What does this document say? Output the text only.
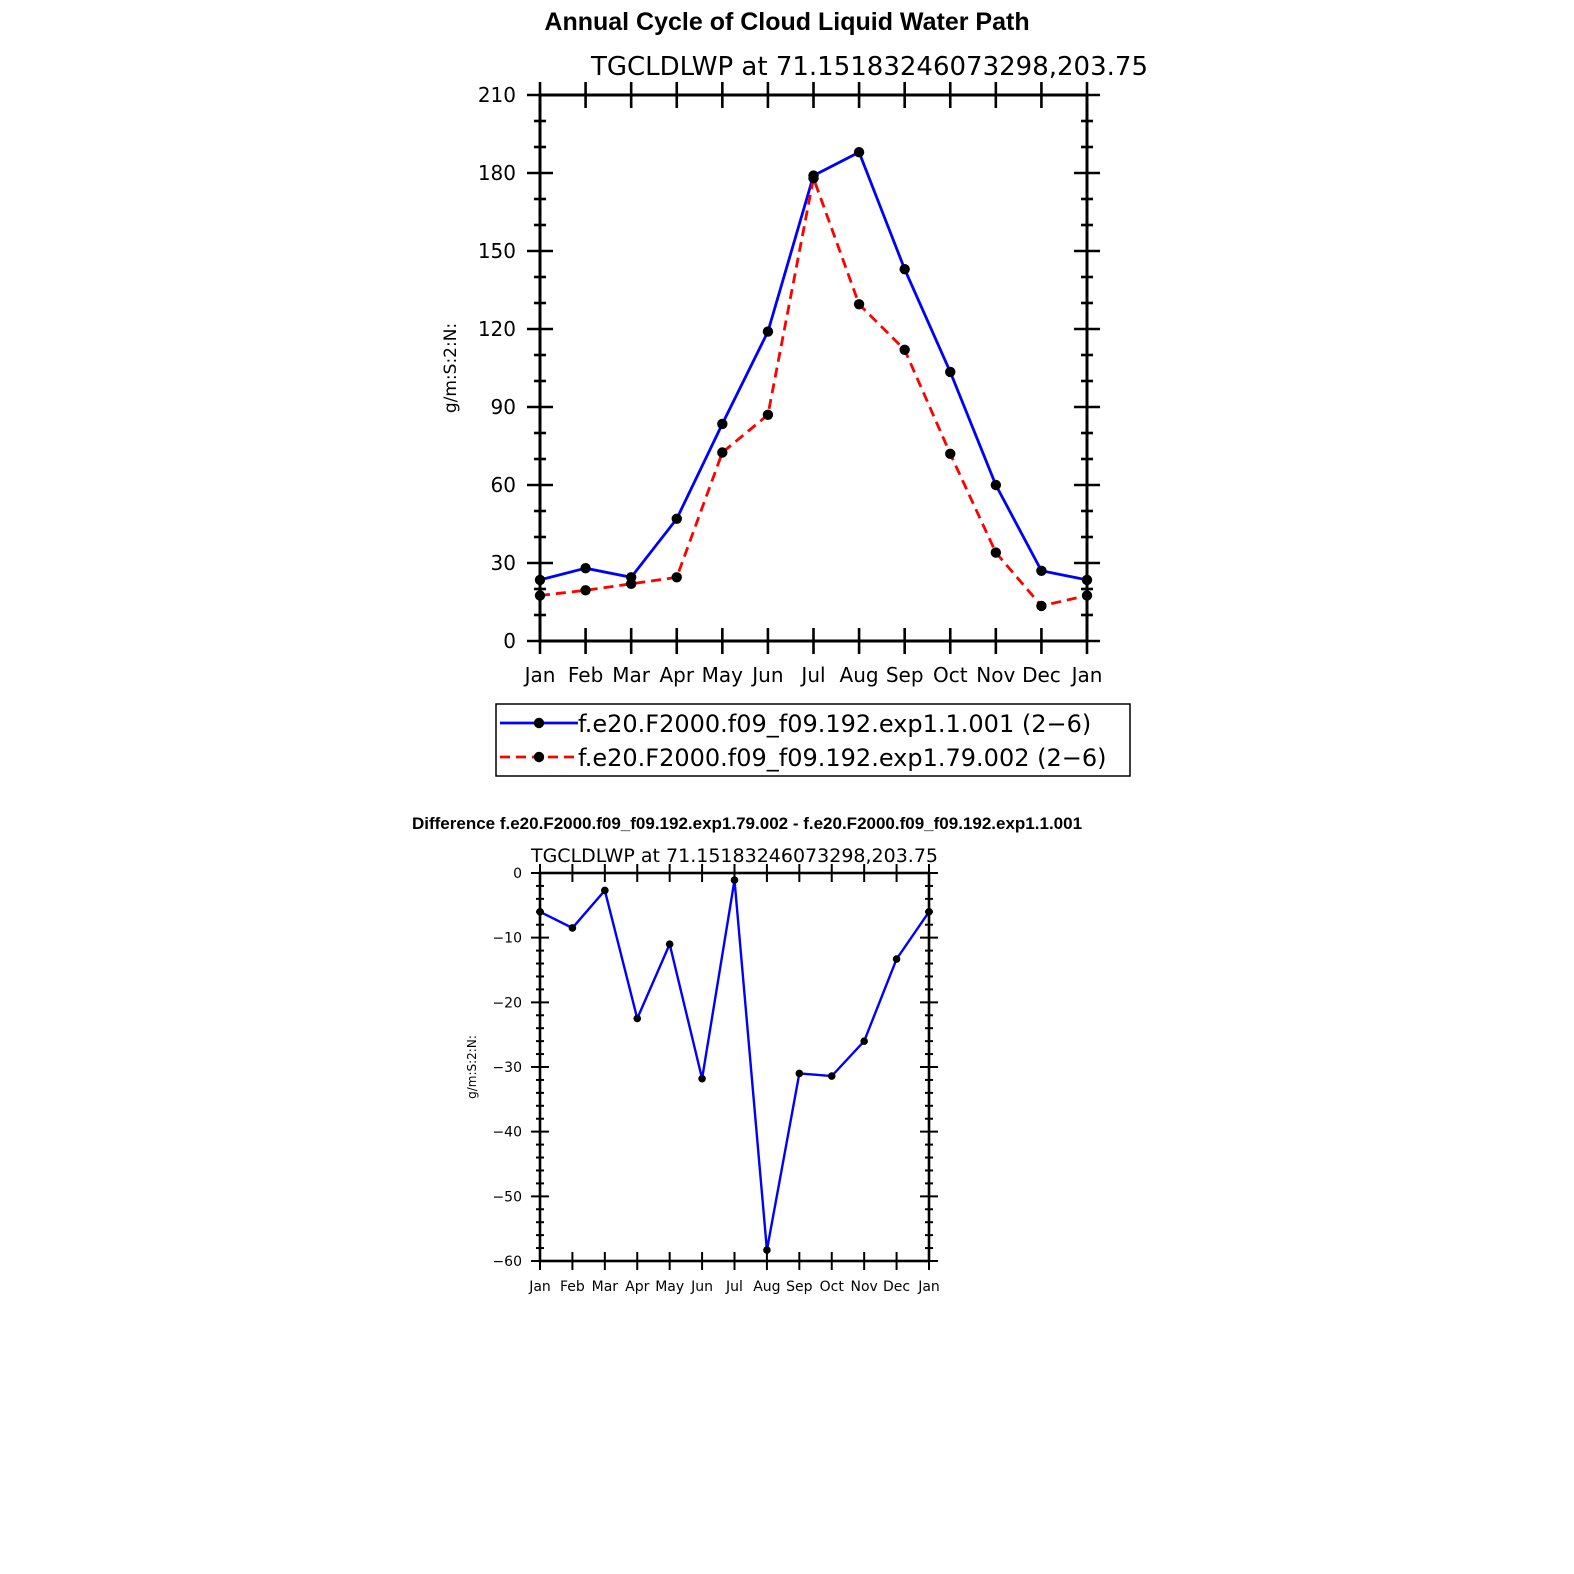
Annual Cycle of Cloud Liquid Water Path
Difference f.e20.F2000.f09_f09.192.exp1.79.002 - f.e20.F2000.f09_f09.192.exp1.1.001
TGCLDLWP at 71.15183246073298,203.75
0
30
60
90
120
150
180
210
Jan Feb Mar Apr May Jun Jul Aug Sep Oct Nov Dec Jan
g/m:S:2:N:
f.e20.F2000.f09_f09.192.exp1.1.001 (2−6)
f.e20.F2000.f09_f09.192.exp1.79.002 (2−6)
TGCLDLWP at 71.15183246073298,203.75
0
−10
−20
−30
−40
−50
−60
Jan Feb Mar Apr May Jun Jul Aug Sep Oct Nov Dec Jan
g/m:S:2:N:
